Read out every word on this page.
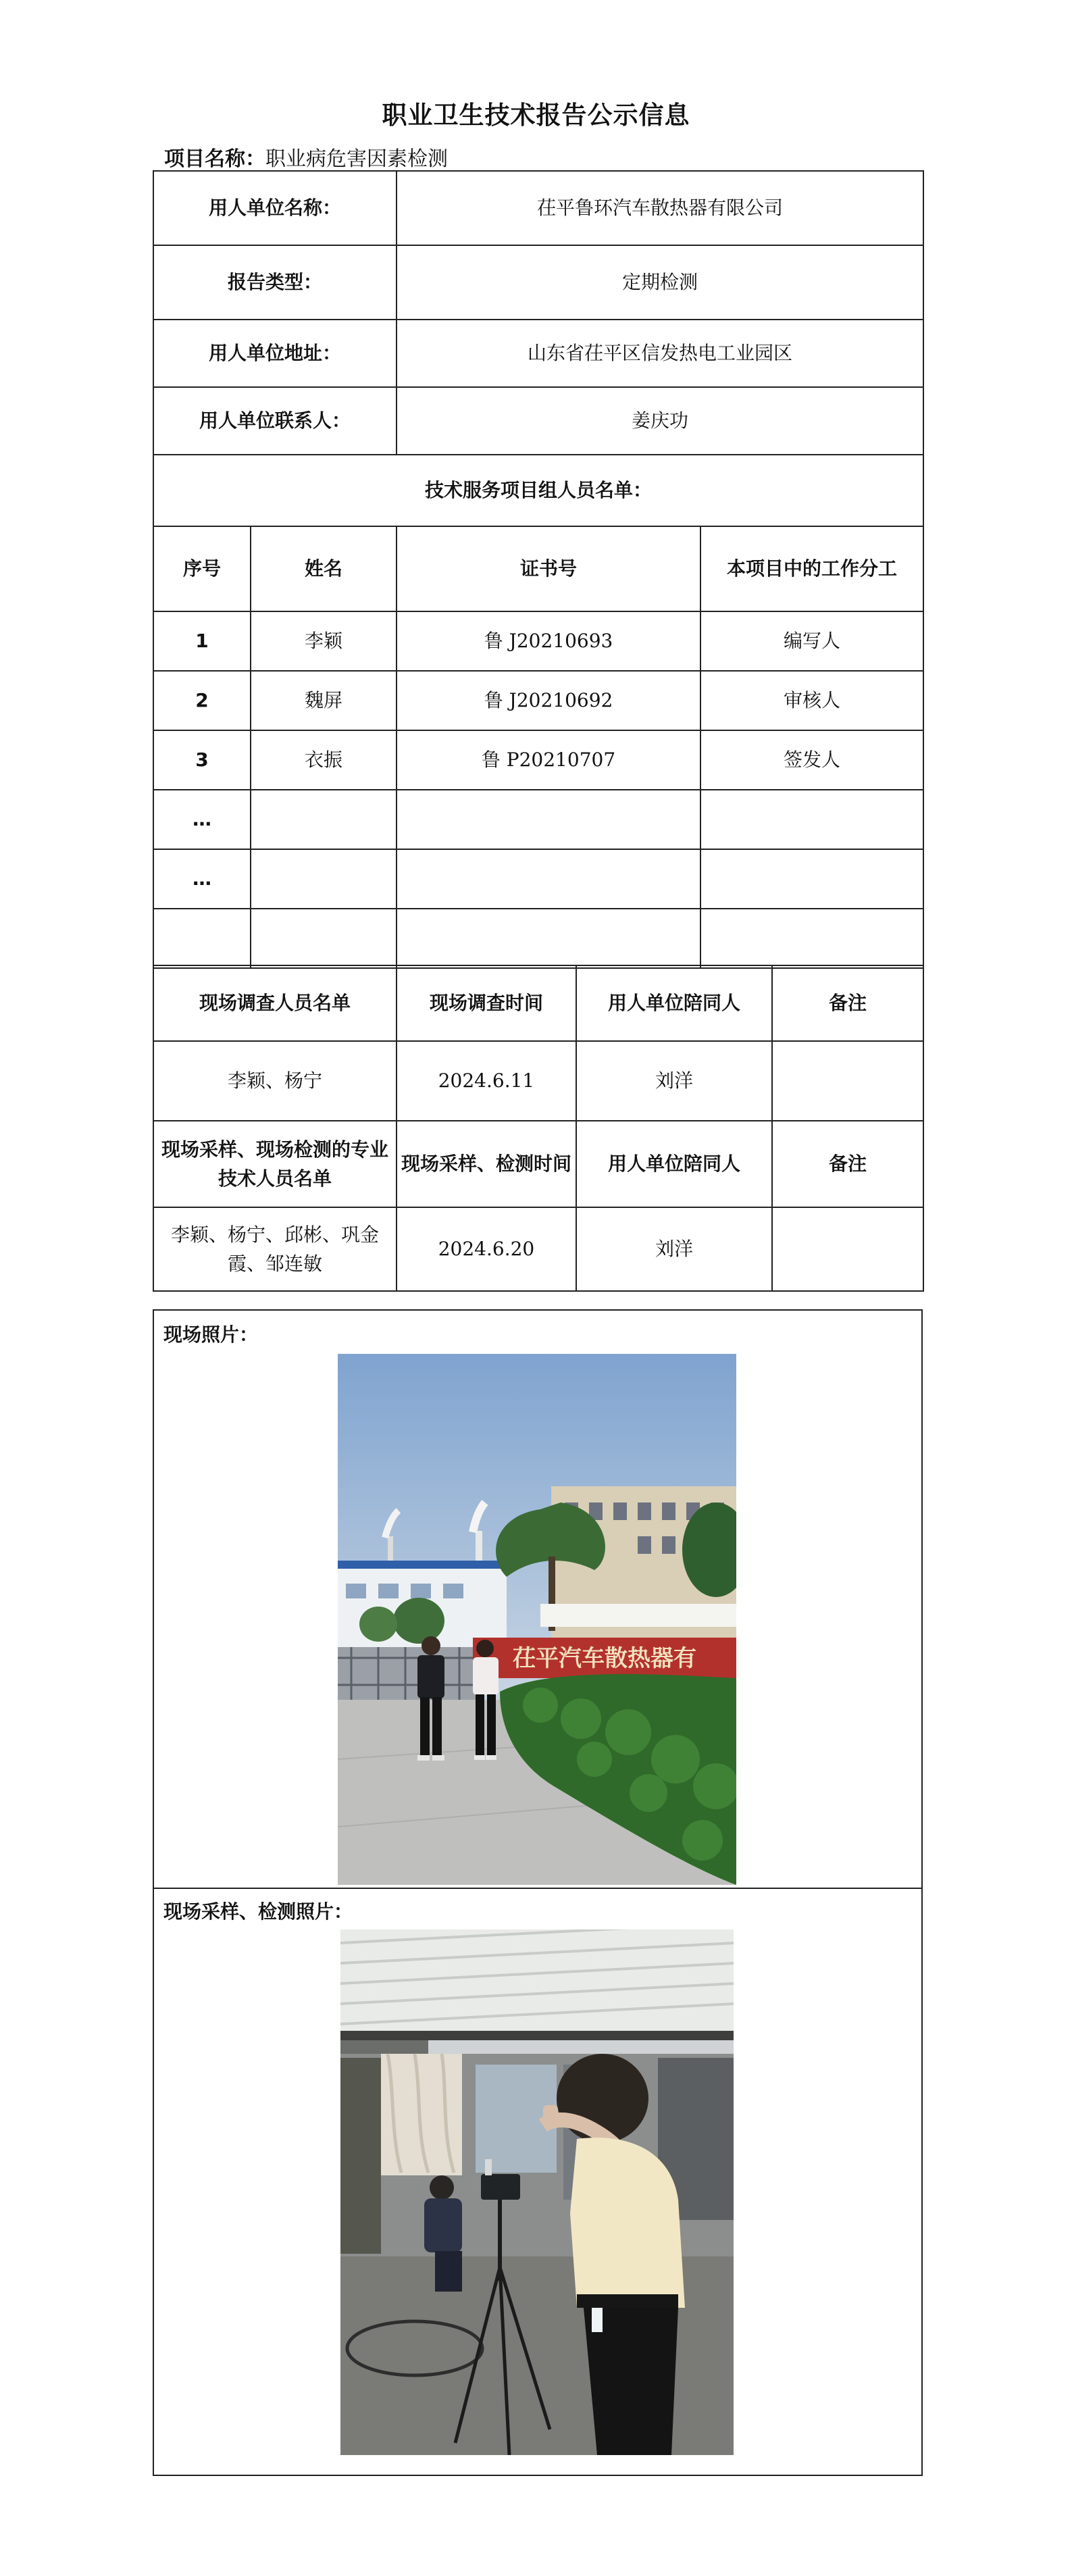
职业卫生技术报告公示信息
项目名称：职业病危害因素检测
用人单位名称：		茌平鲁环汽车散热器有限公司	
报告类型：		定期检测	
用人单位地址：		山东省茌平区信发热电工业园区	
用人单位联系人：		姜庆功	
技术服务项目组人员名单：			
序号	姓名	证书号	本项目中的工作分工
1	李颖	鲁 J20210693	编写人
2	魏屏	鲁 J20210692	审核人
3	衣振	鲁 P20210707	签发人
…			
…			

现场调查人员名单	现场调查时间	用人单位陪同人	备注
李颖、杨宁	2024.6.11	刘洋	
现场采样、现场检测的专业技术人员名单	现场采样、检测时间	用人单位陪同人	备注
李颖、杨宁、邱彬、巩金霞、邹连敏	2024.6.20	刘洋	
现场照片：
现场采样、检测照片：
茌平汽车散热器有
